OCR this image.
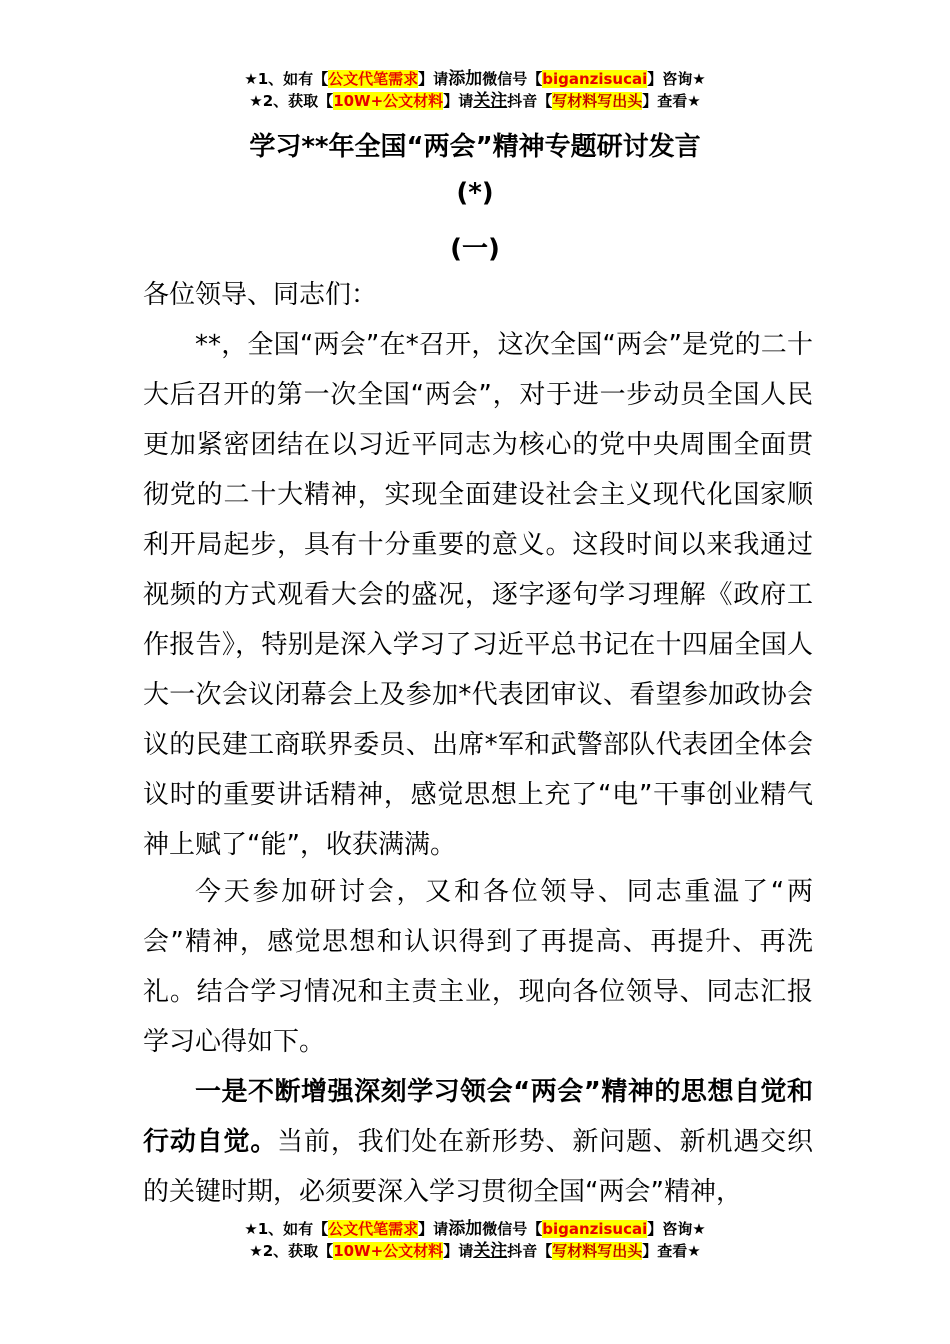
★1、如有【公文代笔需求】请添加微信号【biganzisucai】咨询★
★2、获取【10W+公文材料】请关注抖音【写材料写出头】查看★
学习**年全国“两会”精神专题研讨发言
(*)
(一)

各位领导、同志们：

**，全国“两会”在*召开，这次全国“两会”是党的二十大后召开的第一次全国“两会”，对于进一步动员全国人民更加紧密团结在以习近平同志为核心的党中央周围全面贯彻党的二十大精神，实现全面建设社会主义现代化国家顺利开局起步，具有十分重要的意义。这段时间以来我通过视频的方式观看大会的盛况，逐字逐句学习理解《政府工作报告》，特别是深入学习了习近平总书记在十四届全国人大一次会议闭幕会上及参加*代表团审议、看望参加政协会议的民建工商联界委员、出席*军和武警部队代表团全体会议时的重要讲话精神，感觉思想上充了“电”干事创业精气神上赋了“能”，收获满满。

今天参加研讨会，又和各位领导、同志重温了“两会”精神，感觉思想和认识得到了再提高、再提升、再洗礼。结合学习情况和主责主业，现向各位领导、同志汇报学习心得如下。

一是不断增强深刻学习领会“两会”精神的思想自觉和行动自觉。当前，我们处在新形势、新问题、新机遇交织的关键时期，必须要深入学习贯彻全国“两会”精神，

★1、如有【公文代笔需求】请添加微信号【biganzisucai】咨询★
★2、获取【10W+公文材料】请关注抖音【写材料写出头】查看★
